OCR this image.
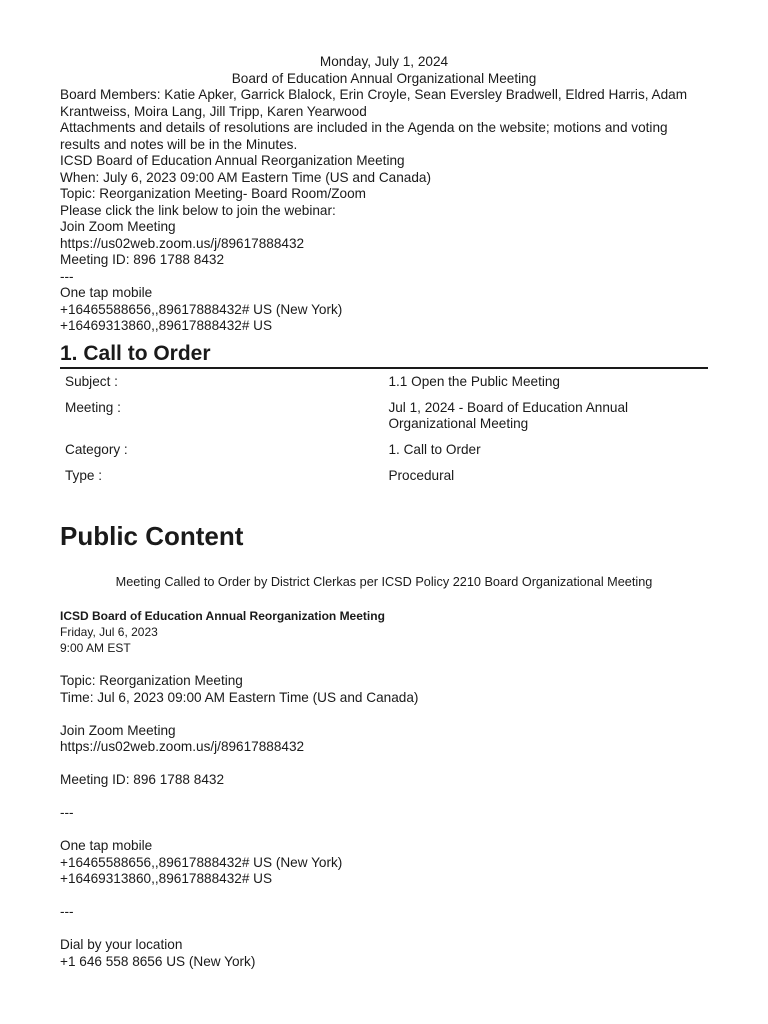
Monday, July 1, 2024
Board of Education Annual Organizational Meeting
Board Members: Katie Apker, Garrick Blalock, Erin Croyle, Sean Eversley Bradwell, Eldred Harris, Adam Krantweiss, Moira Lang, Jill Tripp, Karen Yearwood
Attachments and details of resolutions are included in the Agenda on the website; motions and voting results and notes will be in the Minutes.
ICSD Board of Education Annual Reorganization Meeting
When: July 6, 2023 09:00 AM Eastern Time (US and Canada)
Topic: Reorganization Meeting- Board Room/Zoom
Please click the link below to join the webinar:
Join Zoom Meeting
https://us02web.zoom.us/j/89617888432
Meeting ID: 896 1788 8432
---
One tap mobile
+16465588656,,89617888432# US (New York)
+16469313860,,89617888432# US
1. Call to Order
Subject :	1.1 Open the Public Meeting
Meeting :	Jul 1, 2024 - Board of Education Annual Organizational Meeting
Category :	1. Call to Order
Type :	Procedural
Public Content
Meeting Called to Order by District Clerkas per ICSD Policy 2210 Board Organizational Meeting
ICSD Board of Education Annual Reorganization Meeting
Friday, Jul 6, 2023
9:00 AM EST
Topic: Reorganization Meeting
Time: Jul 6, 2023 09:00 AM Eastern Time (US and Canada)
Join Zoom Meeting
https://us02web.zoom.us/j/89617888432
Meeting ID: 896 1788 8432
---
One tap mobile
+16465588656,,89617888432# US (New York)
+16469313860,,89617888432# US
---
Dial by your location
+1 646 558 8656 US (New York)
